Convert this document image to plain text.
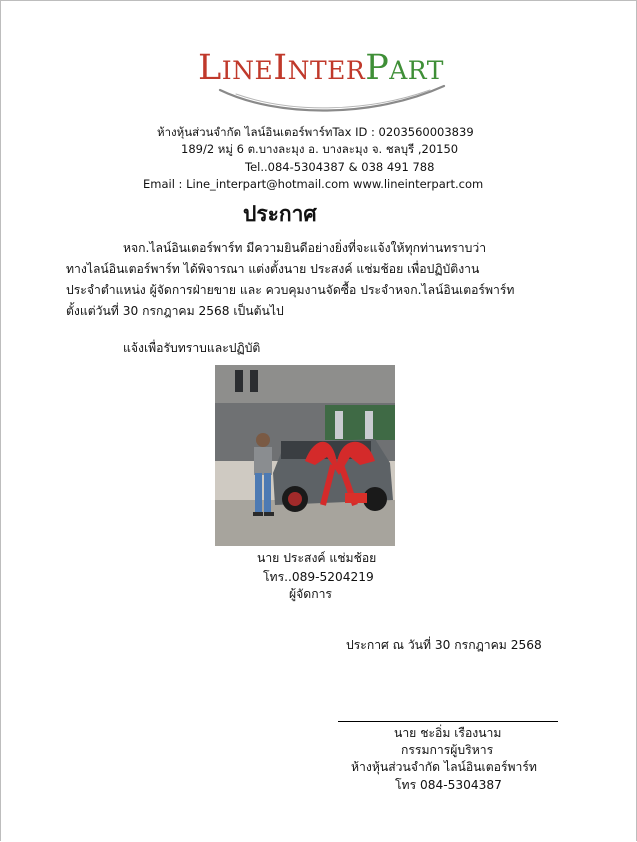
LineInterPart
ห้างหุ้นส่วนจำกัด ไลน์อินเตอร์พาร์ทTax ID : 0203560003839
189/2 หมู่ 6 ต.บางละมุง อ. บางละมุง จ. ชลบุรี ,20150
Tel..084-5304387 & 038 491 788
Email : Line_interpart@hotmail.com www.lineinterpart.com
ประกาศ
หจก.ไลน์อินเตอร์พาร์ท มีความยินดีอย่างยิ่งที่จะแจ้งให้ทุกท่านทราบว่า
ทางไลน์อินเตอร์พาร์ท ได้พิจารณา แต่งตั้งนาย ประสงค์ แช่มช้อย เพื่อปฏิบัติงาน
ประจำตำแหน่ง ผู้จัดการฝ่ายขาย และ ควบคุมงานจัดซื้อ ประจำหจก.ไลน์อินเตอร์พาร์ท
ตั้งแต่วันที่ 30 กรกฎาคม 2568 เป็นต้นไป
แจ้งเพื่อรับทราบและปฏิบัติ
นาย ประสงค์ แช่มช้อย
โทร..089-5204219
ผู้จัดการ
ประกาศ ณ วันที่ 30 กรกฎาคม 2568
นาย ชะอิ่ม เรืองนาม
กรรมการผู้บริหาร
ห้างหุ้นส่วนจำกัด ไลน์อินเตอร์พาร์ท
โทร 084-5304387
